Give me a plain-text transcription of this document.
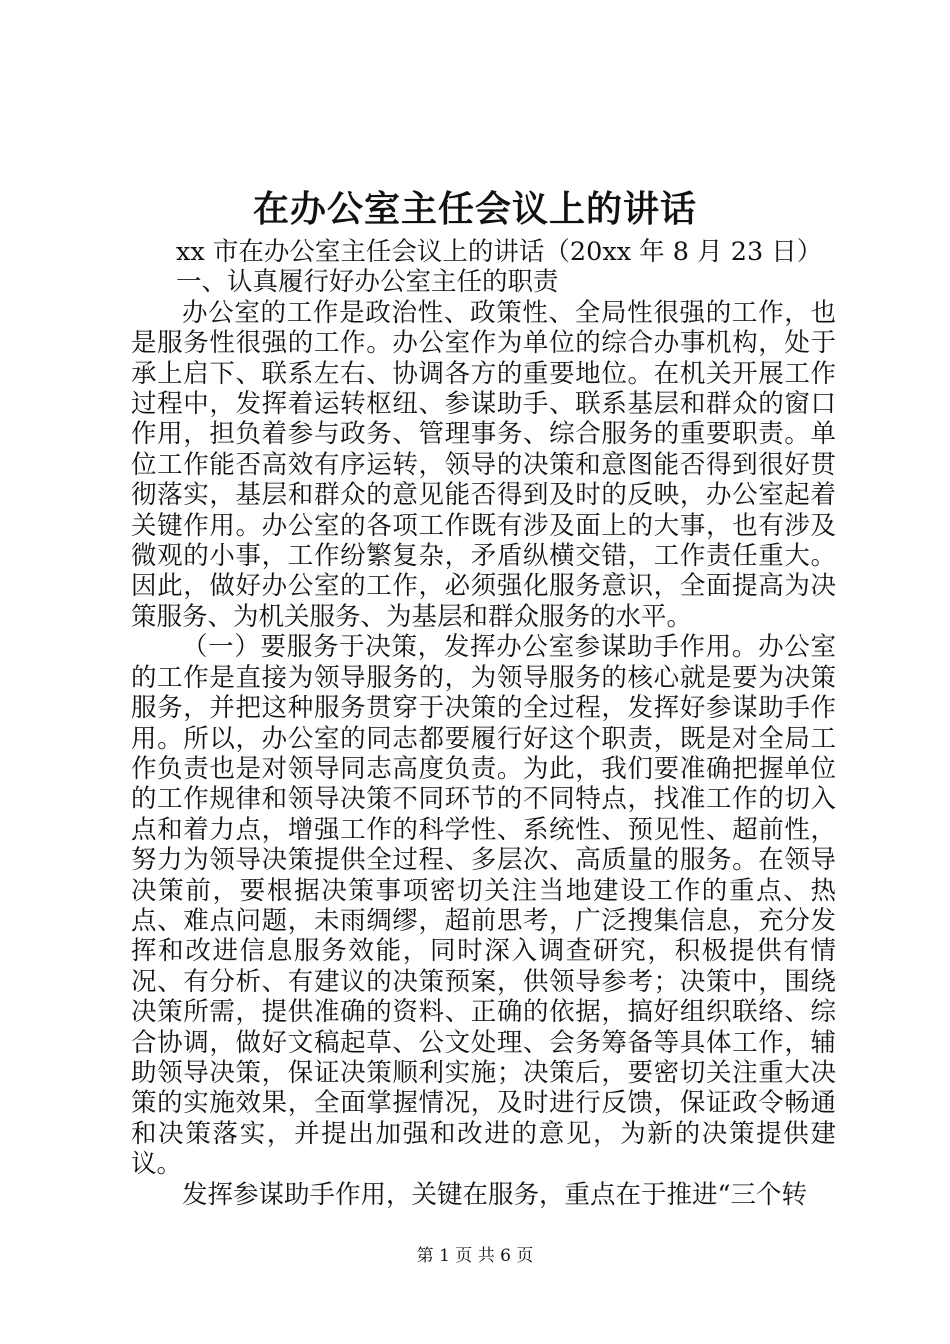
在办公室主任会议上的讲话

xx 市在办公室主任会议上的讲话（20xx 年 8 月 23 日）

一、认真履行好办公室主任的职责

办公室的工作是政治性、政策性、全局性很强的工作，也是服务性很强的工作。办公室作为单位的综合办事机构，处于承上启下、联系左右、协调各方的重要地位。在机关开展工作过程中，发挥着运转枢纽、参谋助手、联系基层和群众的窗口作用，担负着参与政务、管理事务、综合服务的重要职责。单位工作能否高效有序运转，领导的决策和意图能否得到很好贯彻落实，基层和群众的意见能否得到及时的反映，办公室起着关键作用。办公室的各项工作既有涉及面上的大事，也有涉及微观的小事，工作纷繁复杂，矛盾纵横交错，工作责任重大。因此，做好办公室的工作，必须强化服务意识，全面提高为决策服务、为机关服务、为基层和群众服务的水平。

（一）要服务于决策，发挥办公室参谋助手作用。办公室的工作是直接为领导服务的，为领导服务的核心就是要为决策服务，并把这种服务贯穿于决策的全过程，发挥好参谋助手作用。所以，办公室的同志都要履行好这个职责，既是对全局工作负责也是对领导同志高度负责。为此，我们要准确把握单位的工作规律和领导决策不同环节的不同特点，找准工作的切入点和着力点，增强工作的科学性、系统性、预见性、超前性，努力为领导决策提供全过程、多层次、高质量的服务。在领导决策前，要根据决策事项密切关注当地建设工作的重点、热点、难点问题，未雨绸缪，超前思考，广泛搜集信息，充分发挥和改进信息服务效能，同时深入调查研究，积极提供有情况、有分析、有建议的决策预案，供领导参考；决策中，围绕决策所需，提供准确的资料、正确的依据，搞好组织联络、综合协调，做好文稿起草、公文处理、会务筹备等具体工作，辅助领导决策，保证决策顺利实施；决策后，要密切关注重大决策的实施效果，全面掌握情况，及时进行反馈，保证政令畅通和决策落实，并提出加强和改进的意见，为新的决策提供建议。

发挥参谋助手作用，关键在服务，重点在于推进“三个转

第 1 页 共 6 页
